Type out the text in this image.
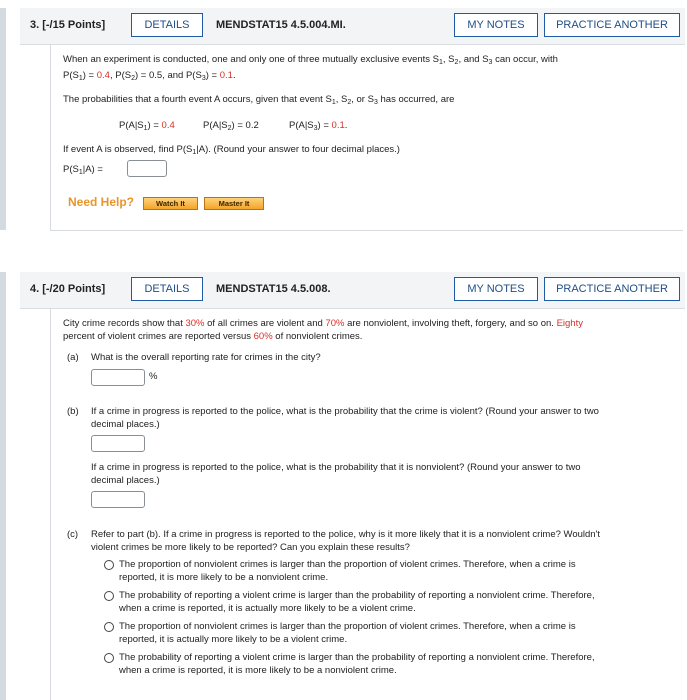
3. [-/15 Points]	DETAILS	MENDSTAT15 4.5.004.MI.	MY NOTES	PRACTICE ANOTHER
When an experiment is conducted, one and only one of three mutually exclusive events $S_1$, $S_2$, and $S_3$ can occur, with
$P(S_1) = 0.4$, $P(S_2) = 0.5$, and $P(S_3) = 0.1$.
The probabilities that a fourth event A occurs, given that event $S_1$, $S_2$, or $S_3$ has occurred, are
$P(A|S_1) = 0.4$	$P(A|S_2) = 0.2$	$P(A|S_3) = 0.1$.
If event A is observed, find $P(S_1|A)$. (Round your answer to four decimal places.)
$P(S_1|A)$ =
Need Help?	Watch It	Master It
4. [-/20 Points]	DETAILS	MENDSTAT15 4.5.008.	MY NOTES	PRACTICE ANOTHER
City crime records show that 30% of all crimes are violent and 70% are nonviolent, involving theft, forgery, and so on. Eighty
percent of violent crimes are reported versus 60% of nonviolent crimes.
(a) What is the overall reporting rate for crimes in the city?
%
(b) If a crime in progress is reported to the police, what is the probability that the crime is violent? (Round your answer to two
decimal places.)
If a crime in progress is reported to the police, what is the probability that it is nonviolent? (Round your answer to two
decimal places.)
(c) Refer to part (b). If a crime in progress is reported to the police, why is it more likely that it is a nonviolent crime? Wouldn't
violent crimes be more likely to be reported? Can you explain these results?
The proportion of nonviolent crimes is larger than the proportion of violent crimes. Therefore, when a crime is
reported, it is more likely to be a nonviolent crime.
The probability of reporting a violent crime is larger than the probability of reporting a nonviolent crime. Therefore,
when a crime is reported, it is actually more likely to be a violent crime.
The proportion of nonviolent crimes is larger than the proportion of violent crimes. Therefore, when a crime is
reported, it is actually more likely to be a violent crime.
The probability of reporting a violent crime is larger than the probability of reporting a nonviolent crime. Therefore,
when a crime is reported, it is more likely to be a nonviolent crime.
